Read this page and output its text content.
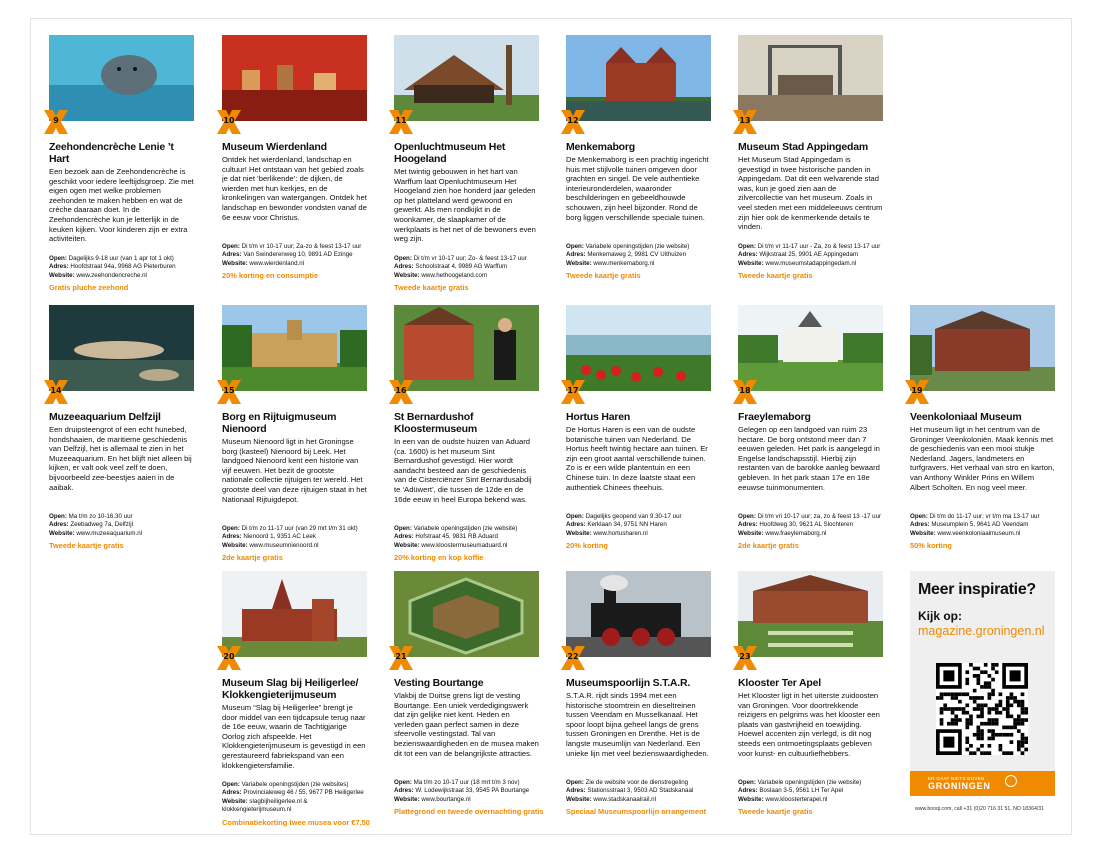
9
Zeehondencrèche Lenie ’t Hart
Een bezoek aan de Zeehondencrèche is geschikt voor iedere leeftijdsgroep. Zie met eigen ogen met welke problemen zeehonden te maken hebben en wat de crèche daaraan doet. In de Zeehondencrèche kun je letterlijk in de keuken kijken. Voor kinderen zijn er extra activiteiten.
Open: Dagelijks 9-18 uur (van 1 apr tot 1 okt)
Adres: Hoofdstraat 94a, 9968 AG Pieterburen
Website: www.zeehondencreche.nl
Gratis pluche zeehond
10
Museum Wierdenland
Ontdek het wierdenland, landschap en cultuur! Het ontstaan van het gebied zoals je dat niet ‘berlikende’: de dijken, de wierden met hun kerkjes, en de kronkelingen van watergangen. Ontdek het landschap en bewonder vondsten vanaf de 6e eeuw voor Christus.
Open: Di t/m vr 10-17 uur; Za-zo & feest 13-17 uur
Adres: Van Swinderenweg 10, 9891 AD Ezinge
Website: www.wierdenland.nl
20% korting en consumptie
11
Openluchtmuseum Het Hoogeland
Met twintig gebouwen in het hart van Warffum laat Openluchtmuseum Het Hoogeland zien hoe honderd jaar geleden op het platteland werd gewoond en gewerkt. Als men rondkijkt in de woonkamer, de slaapkamer of de werkplaats is het net of de bewoners even weg zijn.
Open: Di t/m vr 10-17 uur; Zo- & feest 13-17 uur
Adres: Schoolstraat 4, 9989 AG Warffum
Website: www.hethoogeland.com
Tweede kaartje gratis
12
Menkemaborg
De Menkemaborg is een prachtig ingericht huis met stijlvolle tuinen omgeven door grachten en singel. De vele authentieke interieuronderdelen, waaronder beschilderingen en gebeeldhouwde schouwen, zijn heel bijzonder. Rond de borg liggen verschillende speciale tuinen.
Open: Variabele openingstijden (zie website)
Adres: Menkemaweg 2, 9981 CV Uithuizen
Website: www.menkemaborg.nl
Tweede kaartje gratis
13
Museum Stad Appingedam
Het Museum Stad Appingedam is gevestigd in twee historische panden in Appingedam. Dat dit een welvarende stad was, kun je goed zien aan de zilvercollectie van het museum. Zoals in veel steden met een middeleeuws centrum zijn hier ook de kenmerkende details te vinden.
Open: Di t/m vr 11-17 uur - Za, zo & feest 13-17 uur
Adres: Wijkstraat 25, 9901 AE Appingedam
Website: www.museumstadappingedam.nl
Tweede kaartje gratis
14
Muzeeaquarium Delfzijl
Een druipsteengrot of een echt hunebed, hondshaaien, de maritieme geschiedenis van Delfzijl, het is allemaal te zien in het Muzeeaquarium. En het blijft niet alleen bij kijken, er valt ook veel zelf te doen, bijvoorbeeld zee-beestjes aaien in de aaibak.
Open: Ma t/m zo 10-16.30 uur
Adres: Zeebadweg 7a, Delfzijl
Website: www.muzeeaquarium.nl
Tweede kaartje gratis
15
Borg en Rijtuigmuseum Nienoord
Museum Nienoord ligt in het Groningse borg (kasteel) Nienoord bij Leek. Het landgoed Nienoord kent een historie van vijf eeuwen. Het bezit de grootste nationale collectie rijtuigen ter wereld. Het grootste deel van deze rijtuigen staat in het Nationaal Rijtuigdepot.
Open: Di t/m zo 11-17 uur (van 29 mrt t/m 31 okt)
Adres: Nienoord 1, 9351 AC Leek
Website: www.museumnienoord.nl
2de kaartje gratis
16
St Bernardushof Kloostermuseum
In een van de oudste huizen van Aduard (ca. 1600) is het museum Sint Bernardushof gevestigd. Hier wordt aandacht besteed aan de geschiedenis van de Cisterciënzer Sint Bernardusabdij te ‘Adüwert’, die tussen de 12de en de 16de eeuw in heel Europa bekend was.
Open: Variabele openingstijden (zie website)
Adres: Hofstraat 45, 9831 RB Aduard
Website: www.kloostermuseumaduard.nl
20% korting en kop koffie
17
Hortus Haren
De Hortus Haren is een van de oudste botanische tuinen van Nederland. De Hortus heeft twintig hectare aan tuinen. Er zijn een groot aantal verschillende tuinen. Zo is er een wilde plantentuin en een Chinese tuin. In deze laatste staat een authentiek Chinees theehuis.
Open: Dagelijks geopend van 9.30-17 uur
Adres: Kerklaan 34, 9751 NN Haren
Website: www.hortusharen.nl
20% korting
18
Fraeylemaborg
Gelegen op een landgoed van ruim 23 hectare. De borg ontstond meer dan 7 eeuwen geleden. Het park is aangelegd in Engelse landschapsstijl. Hierbij zijn restanten van de barokke aanleg bewaard gebleven. In het park staan 17e en 18e eeuwse tuinmonumenten.
Open: Di t/m vri 10-17 uur; za, zo & feest 13 -17 uur
Adres: Hoofdweg 30, 9621 AL Slochteren
Website: www.fraeylemaborg.nl
2de kaartje gratis
19
Veenkoloniaal Museum
Het museum ligt in het centrum van de Groninger Veenkoloniën. Maak kennis met de geschiedenis van een mooi stukje Nederland. Jagers, landmeters en turfgravers. Het verhaal van stro en karton, van Anthony Winkler Prins en Willem Albert Scholten. En nog veel meer.
Open: Di t/m do 11-17 uur; vr t/m ma 13-17 uur
Adres: Museumplein 5, 9641 AD Veendam
Website: www.veenkoloniaalmuseum.nl
50% korting
20
Museum Slag bij Heiligerlee/ Klokkengieterijmuseum
Museum “Slag bij Heiligerlee” brengt je door middel van een tijdcapsule terug naar de 16e eeuw, waarin de Tachtigjarige Oorlog zich afspeelde. Het Klokkengieterijmuseum is gevestigd in een gerestaureerd fabriekspand van een klokkengietersfamilie.
Open: Variabele openingstijden (zie websites)
Adres: Provincialeweg 46 / 55, 9677 PB Heiligerlee
Website: slagbijheiligerlee.nl & klokkengieterijmuseum.nl
Combinatiekorting twee musea voor €7,50
21
Vesting Bourtange
Vlakbij de Duitse grens ligt de vesting Bourtange. Een uniek verdedigingswerk dat zijn gelijke niet kent. Heden en verleden gaan perfect samen in deze sfeervolle vestingstad. Tal van bezienswaardigheden en de musea maken dit tot een van de belangrijkste attracties.
Open: Ma t/m zo 10-17 uur (18 mrt t/m 3 nov)
Adres: W. Lodewijkstraat 33, 9545 PA Bourtange
Website: www.bourtange.nl
Plattegrond en tweede overnachting gratis
22
Museumspoorlijn S.T.A.R.
S.T.A.R. rijdt sinds 1994 met een historische stoomtrein en dieseltreinen tussen Veendam en Musselkanaal. Het spoor loopt bijna geheel langs de grens tussen Groningen en Drenthe. Het is de langste museumlijn van Nederland. Een unieke lijn met veel bezienswaardigheden.
Open: Zie de website voor de dienstregeling
Adres: Stationsstraat 3, 9503 AD Stadskanaal
Website: www.stadskanaalrail.nl
Speciaal Museumspoorlijn arrangement
23
Klooster Ter Apel
Het Klooster ligt in het uiterste zuidoosten van Groningen. Voor doortrekkende reizigers en pelgrims was het klooster een plaats van gastvrijheid en toewijding. Hoewel accenten zijn verlegd, is dit nog steeds een ontmoetingsplaats gebleven voor kunst- en cultuurliefhebbers.
Open: Variabele openingstijden (zie website)
Adres: Boslaan 3-5, 9561 LH Ter Apel
Website: www.kloosterterapel.nl
Tweede kaartje gratis
Meer inspiratie?
Kijk op:
magazine.groningen.nl
ER GAAT NIETS BOVEN
GRONINGEN
www.booqi.com, call +31 (0)20 716 31 51, NO 18364/31
